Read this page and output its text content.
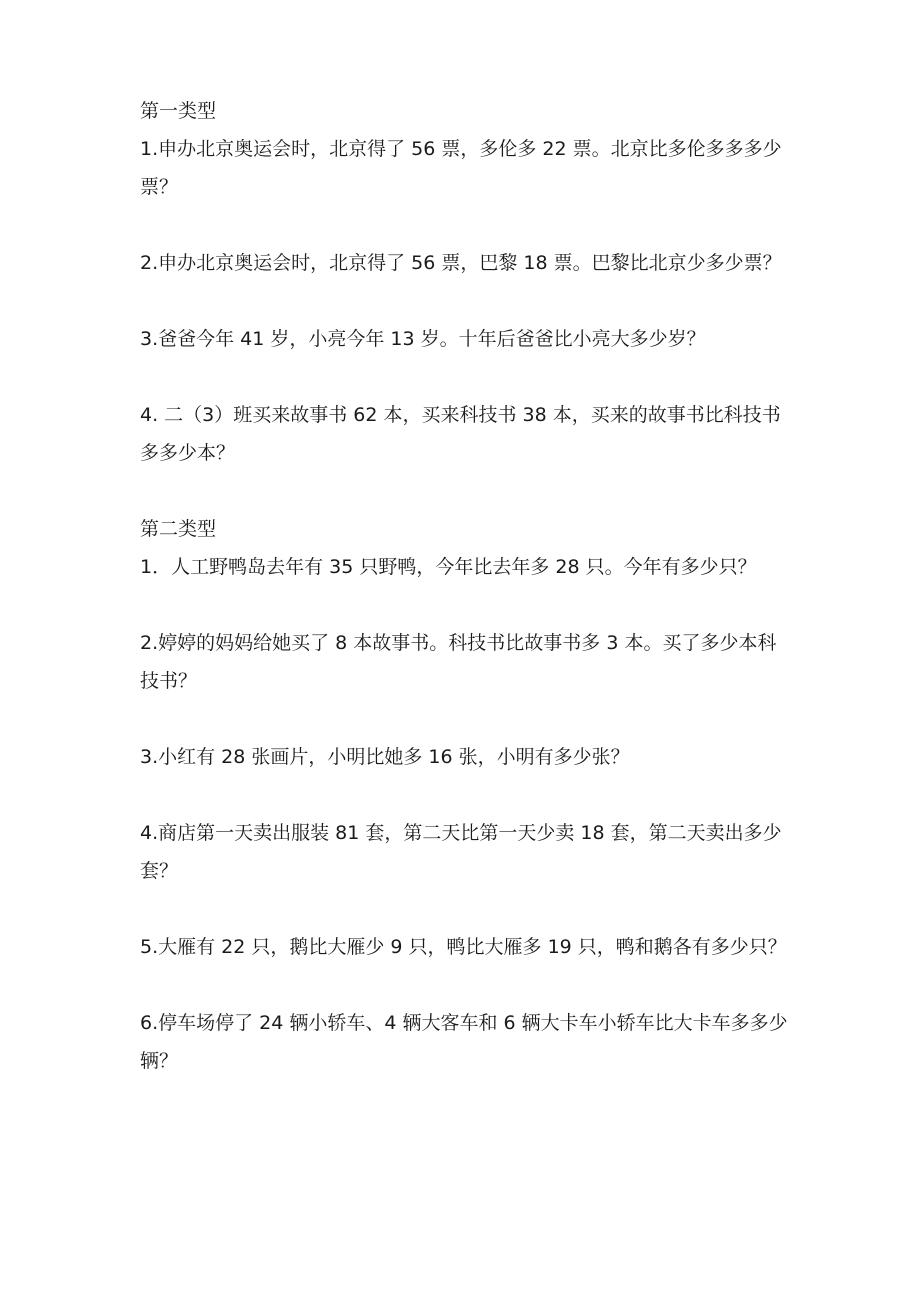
第一类型

1.申办北京奥运会时，北京得了 56 票，多伦多 22 票。北京比多伦多多多少票？

2.申办北京奥运会时，北京得了 56 票，巴黎 18 票。巴黎比北京少多少票？

3.爸爸今年 41 岁，小亮今年 13 岁。十年后爸爸比小亮大多少岁？

4. 二（3）班买来故事书 62 本，买来科技书 38 本，买来的故事书比科技书多多少本？

第二类型

1．人工野鸭岛去年有 35 只野鸭，今年比去年多 28 只。今年有多少只？

2.婷婷的妈妈给她买了 8 本故事书。科技书比故事书多 3 本。买了多少本科技书？

3.小红有 28 张画片，小明比她多 16 张，小明有多少张？

4.商店第一天卖出服装 81 套，第二天比第一天少卖 18 套，第二天卖出多少套？

5.大雁有 22 只，鹅比大雁少 9 只，鸭比大雁多 19 只，鸭和鹅各有多少只？

6.停车场停了 24 辆小轿车、4 辆大客车和 6 辆大卡车小轿车比大卡车多多少辆？
